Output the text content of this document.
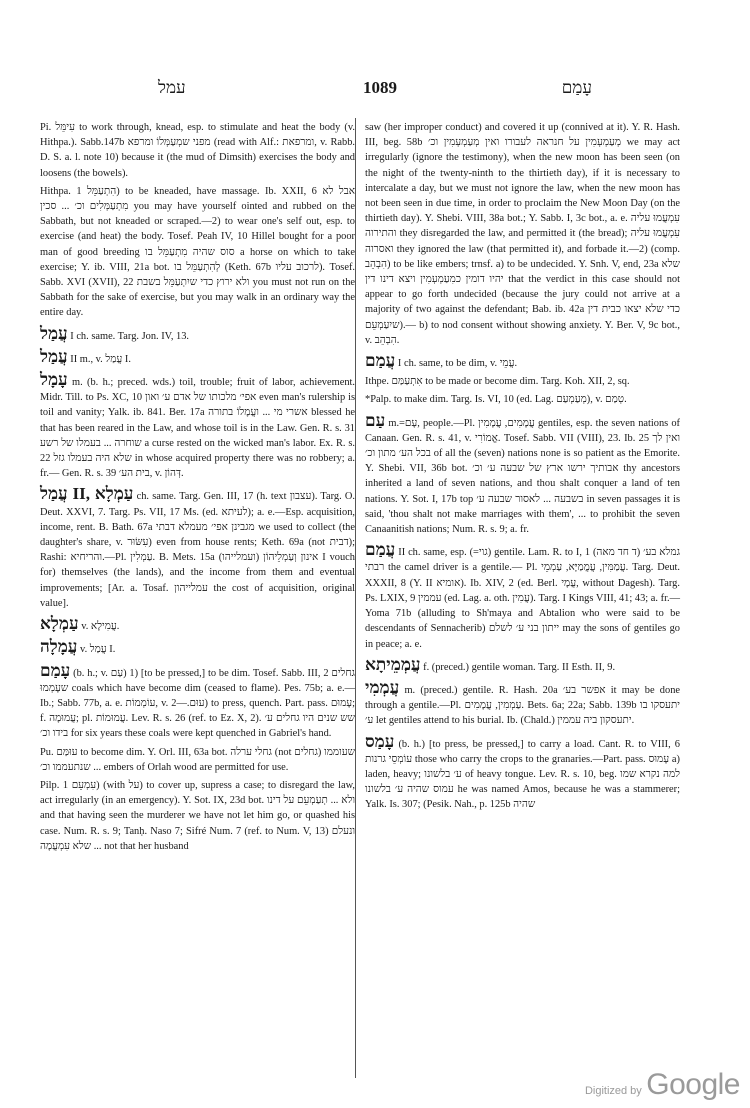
עמל	1089	עָמַם

Pi. עִימֵּל to work through, knead, esp. to stimulate and heat the body (v. Hithpa.). Sabb.147b מפני שמְעַמְּלוֹ ומרפא (read with Alf.: ומרפאת, v. Rabb. D. S. a. l. note 10) because it (the mud of Dimsith) exercises the body and loosens (the bowels).

Hithpa. הִתְעַמֵּל 1) to be kneaded, have massage. Ib. XXII, 6 אבל לא מִתְעַמְּלִים וכ׳ ... סכין you may have yourself ointed and rubbed on the Sabbath, but not kneaded or scraped.—2) to wear one's self out, esp. to exercise (and heat) the body. Tosef. Peah IV, 10 Hillel bought for a poor man of good breeding סוס שהיה מִתְעַמֵּל בו a horse on which to take exercise; Y. ib. VIII, 21a bot. לְהִתְעַמֵּל בו (Keth. 67b לרכוב עליו). Tosef. Sabb. XVI (XVII), 22 ולא ירוץ כדי שיִתְעַמֵּל בשבת you must not run on the Sabbath for the sake of exercise, but you may walk in an ordinary way the entire day.

עֲמַל I ch. same. Targ. Jon. IV, 13.

עֲמַל II m., v. עֲמַל I.

עָמָל m. (b. h.; preced. wds.) toil, trouble; fruit of labor, achievement. Midr. Till. to Ps. XC, 10 אפי׳ מלכותו של אדם ע׳ ואון even man's rulership is toil and vanity; Yalk. ib. 841. Ber. 17a אשרי מי ... ועֲמָלוֹ בתורה blessed he that has been reared in the Law, and whose toil is in the Law. Gen. R. s. 31 שוחרה ... בעמלו של רשע a curse rested on the wicked man's labor. Ex. R. s. 22 שלא היה בעמלו גזל in whose acquired property there was no robbery; a. fr.— Gen. R. s. 39 בית הע׳, v. דְּהוֹן.

עֲמַל II, עַמְלָא ch. same. Targ. Gen. III, 17 (h. text עצבון). Targ. O. Deut. XXVI, 7. Targ. Ps. VII, 17 Ms. (ed. לעיתא); a. e.—Esp. acquisition, income, rent. B. Bath. 67a מגבינן אפי׳ מעמלא דבתי we used to collect (the daughter's share, v. עִשּׂוּר) even from house rents; Keth. 69a (not דבית); Rashi: והריחיא.—Pl. עַמְלִין. B. Mets. 15a אינון וְעַמְלֵיהוֹן (ועמלייהו) I vouch for) themselves (the lands), and the income from them and eventual improvements; [Ar. a. Tosaf. עמלייהון the cost of acquisition, original value].

עַמְלָא v. עֲמִילָא.

עֲמָלָה v. עֲמַל I.

עָמַם (b. h.; v. עַם) 1) [to be pressed,] to be dim. Tosef. Sabb. III, 2 גחלים שעָמְמוּ coals which have become dim (ceased to flame). Pes. 75b; a. e.—Ib.; Sabb. 77b, a. e. עוֹמְמוֹת, v. עוּם.—2) to press, quench. Part. pass. עָמוּם; f. עֲמוּמָה; pl. עֲמוּמוֹת. Lev. R. s. 26 (ref. to Ez. X, 2). שש שנים היו גחלים ע׳ בידו וכ׳ for six years these coals were kept quenched in Gabriel's hand.

Pu. עוּמַּם to become dim. Y. Orl. III, 63a bot. גחלי ערלה (not שעוממו (גחלים ... שנתעממו וכ׳ embers of Orlah wood are permitted for use.

Pilp. עִמְעֵם 1) (with על) to cover up, supress a case; to disregard the law, act irregularly (in an emergency). Y. Sot. IX, 23d bot. ולא ... תְעַמְעֵם על דינו and that having seen the murderer we have not let him go, or quashed his case. Num. R. s. 9; Tanḥ. Naso 7; Sifré Num. 7 (ref. to Num. V, 13) ונעלם ... שלא עִמְעֲמָה not that her husband

saw (her improper conduct) and covered it up (connived at it). Y. R. Hash. III, beg. 58b מְעַמְעְמִין על חנראה לעבורו ואין מְעַמְעְמִין וכ׳ we may act irregularly (ignore the testimony), when the new moon has been seen (on the night of the twenty-ninth to the thirtieth day), if it is necessary to intercalate a day, but we must not ignore the law, when the new moon has not been seen in due time, in order to proclaim the New Moon Day (on the thirtieth day). Y. Shebi. VIII, 38a bot.; Y. Sabb. I, 3c bot., a. e. עִמְעֲמוּ עליה והתירוה they disregarded the law, and permitted it (the bread); עִמְעֲמוּ עליה ואסרוה they ignored the law (that permitted it), and forbade it.—2) (comp. הִבְהֵב) to be like embers; trnsf. a) to be undecided. Y. Snh. V, end, 23a שלא יהיו דומין כמִעַמְעְמִין ויצא דינו דין that the verdict in this case should not appear to go forth undecided (because the jury could not arrive at a majority of two against the defendant; Bab. ib. 42a כדי שלא יצאו כבית דין שיִעַמְעֵם).— b) to nod consent without showing anxiety. Y. Ber. V, 9c bot., v. הִבְהֵב.

עֲמַם I ch. same, to be dim, v. עֲמֵי.

Ithpe. אִתְעַמַּם to be made or become dim. Targ. Koh. XII, 2, sq.

*Palp. to make dim. Targ. Is. VI, 10 (ed. Lag. מְעַמְעַם), v. טְמַם.

עַם m.=עָם, people.—Pl. עֲמָמִים, עֲמָמִין gentiles, esp. the seven nations of Canaan. Gen. R. s. 41, v. אֱמוֹרִי. Tosef. Sabb. VII (VIII), 23. Ib. 25 ואין לך בכל הע׳ מתון וכ׳ of all the (seven) nations none is so patient as the Emorite. Y. Shebi. VII, 36b bot. אבותיך ירשו ארץ של שבעה ע׳ וכ׳ thy ancestors inherited a land of seven nations, and thou shalt conquer a land of ten nations. Y. Sot. I, 17b top בשבעה ... לאסור שבעה ע׳ in seven passages it is said, 'thou shalt not make marriages with them', ... to prohibit the seven Canaanitish nations; Num. R. s. 9; a. fr.

עֲמַם II ch. same, esp. (=גוי) gentile. Lam. R. to I, 1 גמלא בע׳ (ד חד מאה) רבתי the camel driver is a gentile.— Pl. עֲמַמִּין, עֲמֲמַיָּא, עַמְמֵי. Targ. Deut. XXXII, 8 (Y. II אומיא). Ib. XIV, 2 (ed. Berl. עֲמָי, without Dagesh). Targ. Ps. LXIX, 9 עממין (ed. Lag. a. oth. עֲמִין). Targ. I Kings VIII, 41; 43; a. fr.—Yoma 71b (alluding to Sh'maya and Abtalion who were said to be descendants of Sennacherib) ייתון בני ע׳ לשלם may the sons of gentiles go in peace; a. e.

עֲמְמֵיתָא f. (preced.) gentile woman. Targ. II Esth. II, 9.

עֲמְמִי m. (preced.) gentile. R. Hash. 20a אפשר בע׳ it may be done through a gentile.—Pl. עַמְמִין, עֲמָמִים. Bets. 6a; 22a; Sabb. 139b יתעסקו בו ע׳ let gentiles attend to his burial. Ib. (Chald.) יתעסקון ביה עממין.

עָמַס (b. h.) [to press, be pressed,] to carry a load. Cant. R. to VIII, 6 עוֹמְסֵי גרנות those who carry the crops to the granaries.—Part. pass. עָמוּס a) laden, heavy; ע׳ בלשונו of heavy tongue. Lev. R. s. 10, beg. למה נקרא שמו עמוס שהיה ע׳ בלשונו he was named Amos, because he was a stammerer; Yalk. Is. 307; (Pesik. Nah., p. 125b שהיה

Digitized by Google
